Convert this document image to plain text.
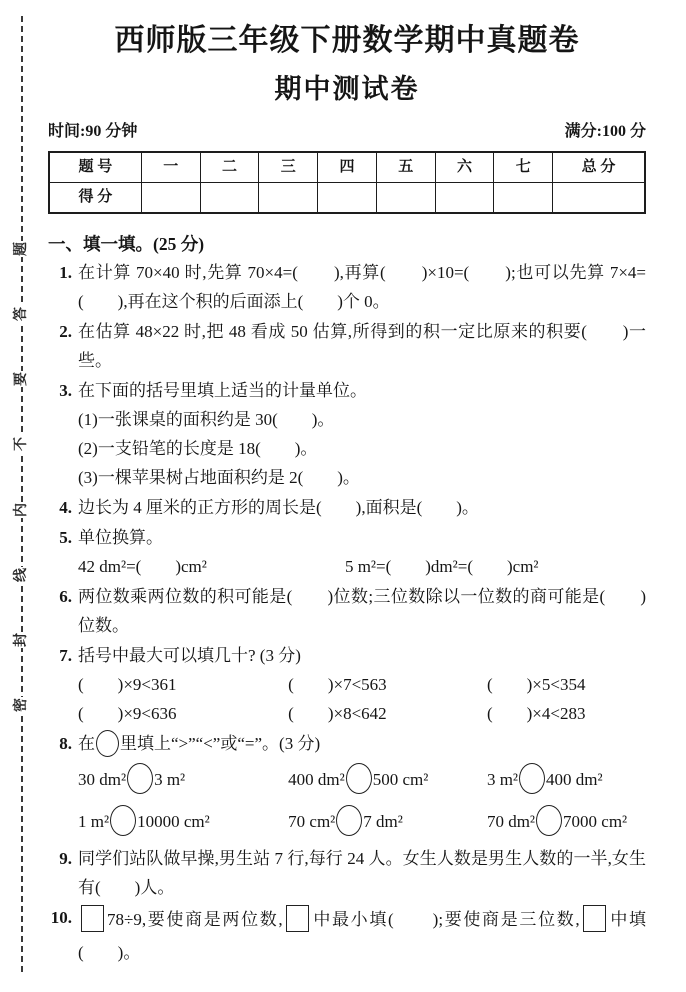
题
答
要
不
内
线
封
密
西师版三年级下册数学期中真题卷
期中测试卷
时间:90 分钟	满分:100 分
题 号	一	二	三	四	五	六	七	总 分
得 分								
一、填一填。(25 分)
1. 在计算 70×40 时,先算 70×4=(　　),再算(　　)×10=(　　);也可以先算 7×4=(　　),再在这个积的后面添上(　　)个 0。
2. 在估算 48×22 时,把 48 看成 50 估算,所得到的积一定比原来的积要(　　)一些。
3. 在下面的括号里填上适当的计量单位。
(1)一张课桌的面积约是 30(　　)。
(2)一支铅笔的长度是 18(　　)。
(3)一棵苹果树占地面积约是 2(　　)。
4. 边长为 4 厘米的正方形的周长是(　　),面积是(　　)。
5. 单位换算。
42 dm²=(　　)cm²	5 m²=(　　)dm²=(　　)cm²
6. 两位数乘两位数的积可能是(　　)位数;三位数除以一位数的商可能是(　　)位数。
7. 括号中最大可以填几十? (3 分)
(　　)×9<361	(　　)×7<563	(　　)×5<354
(　　)×9<636	(　　)×8<642	(　　)×4<283
8. 在 里填上“>”“<”或“=”。(3 分)
30 dm² 3 m²	400 dm² 500 cm²	3 m² 400 dm²
1 m² 10000 cm²	70 cm² 7 dm²	70 dm² 7000 cm²
9. 同学们站队做早操,男生站 7 行,每行 24 人。女生人数是男生人数的一半,女生有(　　)人。
10.	78÷9,要使商是两位数, 中最小填(　　);要使商是三位数, 中填(　　)。
